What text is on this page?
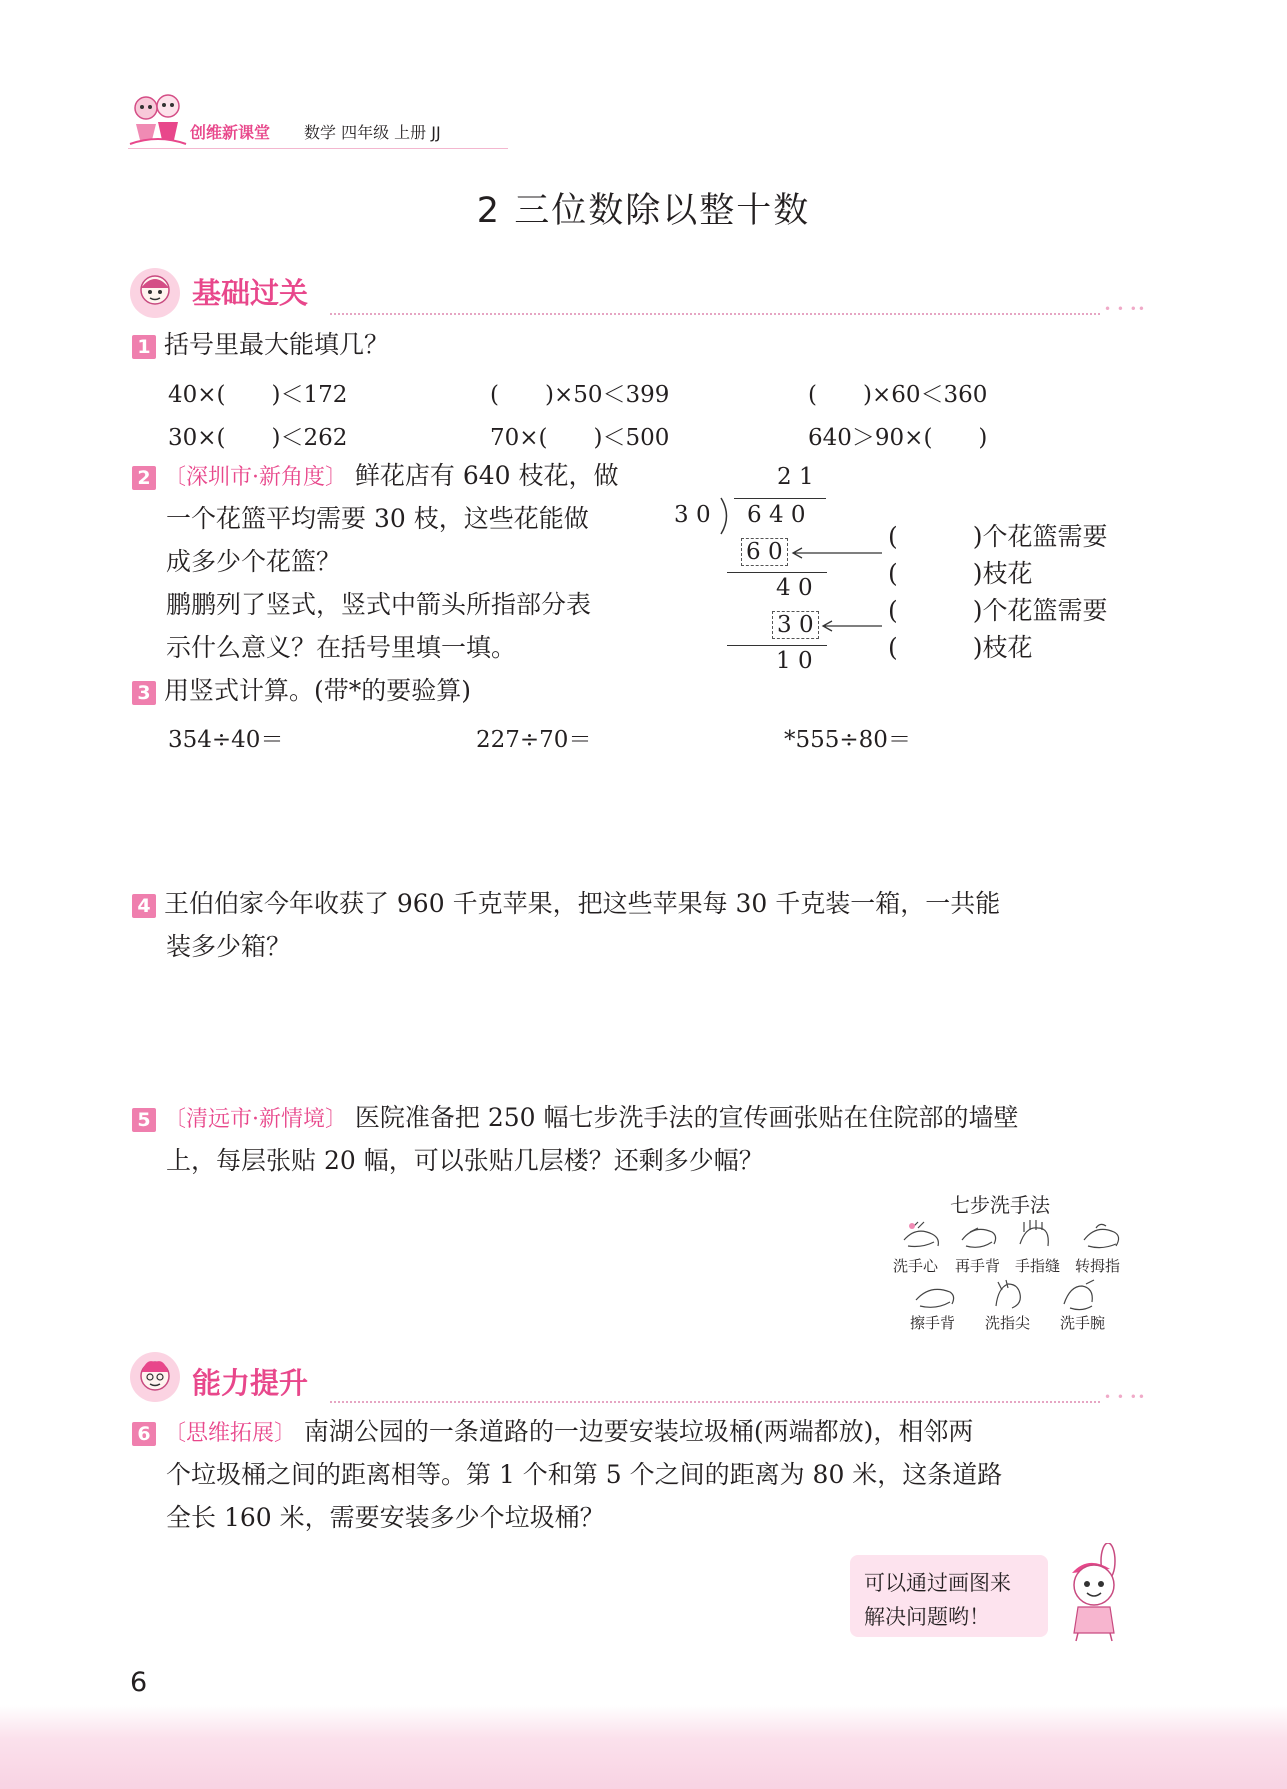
创维新课堂 数学 四年级 上册 JJ
2 三位数除以整十数
基础过关	• • ••
1 括号里最大能填几？
40×(　　)＜172	(　　)×50＜399	(　　)×60＜360
30×(　　)＜262	70×(　　)＜500	640＞90×(　　)
2 〔深圳市·新角度〕 鲜花店有 640 枝花，做
一个花篮平均需要 30 枝，这些花能做
成多少个花篮？
鹏鹏列了竖式，竖式中箭头所指部分表
示什么意义？在括号里填一填。
2 1
3 0 6 4 0
6 0
4 0
3 0
1 0
(　　　)个花篮需要
(　　　)枝花
(　　　)个花篮需要
(　　　)枝花
3 用竖式计算。(带*的要验算)
354÷40＝	227÷70＝	*555÷80＝
4 王伯伯家今年收获了 960 千克苹果，把这些苹果每 30 千克装一箱，一共能
装多少箱？
5 〔清远市·新情境〕 医院准备把 250 幅七步洗手法的宣传画张贴在住院部的墙壁
上，每层张贴 20 幅，可以张贴几层楼？还剩多少幅？
七步洗手法
洗手心 再手背 手指缝 转拇指
擦手背 洗指尖 洗手腕
能力提升	• • ••
6 〔思维拓展〕 南湖公园的一条道路的一边要安装垃圾桶(两端都放)，相邻两
个垃圾桶之间的距离相等。第 1 个和第 5 个之间的距离为 80 米，这条道路
全长 160 米，需要安装多少个垃圾桶？
可以通过画图来
解决问题哟！
6
